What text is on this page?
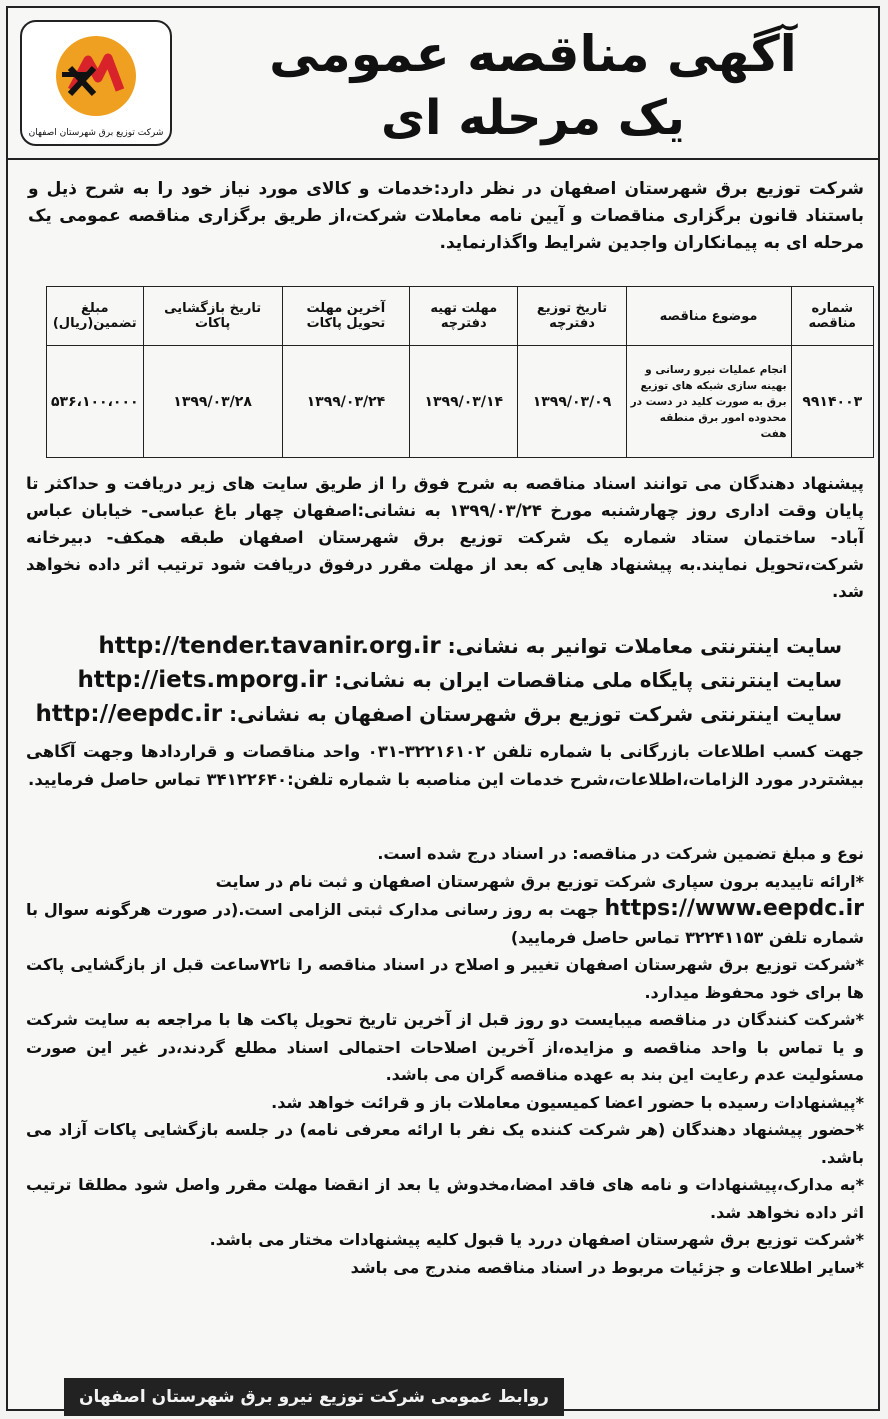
شرکت توزیع برق شهرستان اصفهان
آگهی مناقصه عمومی
یک مرحله ای
شرکت توزیع برق شهرستان اصفهان در نظر دارد:خدمات و کالای مورد نیاز خود را به شرح ذیل و باستناد قانون برگزاری مناقصات و آیین نامه معاملات شرکت،از طریق برگزاری مناقصه عمومی یک مرحله ای به پیمانکاران واجدین شرایط واگذارنماید.
شماره مناقصه	موضوع مناقصه	تاریخ توزیع دفترچه	مهلت تهیه دفترچه	آخرین مهلت تحویل پاکات	تاریخ بازگشایی پاکات	مبلغ تضمین(ریال)
۹۹۱۴۰۰۳	انجام عملیات نیرو رسانی و بهینه سازی شبکه های توزیع برق به صورت کلید در دست در محدوده امور برق منطقه هفت	۱۳۹۹/۰۳/۰۹	۱۳۹۹/۰۳/۱۴	۱۳۹۹/۰۳/۲۴	۱۳۹۹/۰۳/۲۸	۵۳۶،۱۰۰،۰۰۰
پیشنهاد دهندگان می توانند اسناد مناقصه به شرح فوق را از طریق سایت های زیر دریافت و حداکثر تا پایان وقت اداری روز چهارشنبه مورخ ۱۳۹۹/۰۳/۲۴ به نشانی:اصفهان چهار باغ عباسی- خیابان عباس آباد- ساختمان ستاد شماره یک شرکت توزیع برق شهرستان اصفهان طبقه همکف- دبیرخانه شرکت،تحویل نمایند.به پیشنهاد هایی که بعد از مهلت مقرر درفوق دریافت شود ترتیب اثر داده نخواهد شد.
سایت اینترنتی معاملات توانیر به نشانی: http://tender.tavanir.org.ir
سایت اینترنتی پایگاه ملی مناقصات ایران به نشانی: http://iets.mporg.ir
سایت اینترنتی شرکت توزیع برق شهرستان اصفهان به نشانی: http://eepdc.ir
جهت کسب اطلاعات بازرگانی با شماره تلفن ۳۲۲۱۶۱۰۲-۰۳۱ واحد مناقصات و قراردادها وجهت آگاهی بیشتردر مورد الزامات،اطلاعات،شرح خدمات این مناصبه با شماره تلفن:۳۴۱۲۲۶۴۰ تماس حاصل فرمایید.

نوع و مبلغ تضمین شرکت در مناقصه: در اسناد درج شده است.

*ارائه تاییدیه برون سپاری شرکت توزیع برق شهرستان اصفهان و ثبت نام در سایت

https://www.eepdc.ir جهت به روز رسانی مدارک ثبتی الزامی است.(در صورت هرگونه سوال با شماره تلفن ۳۲۲۴۱۱۵۳ تماس حاصل فرمایید)

*شرکت توزیع برق شهرستان اصفهان تغییر و اصلاح در اسناد مناقصه را تا۷۲ساعت قبل از بازگشایی پاکت ها برای خود محفوظ میدارد.

*شرکت کنندگان در مناقصه میبایست دو روز قبل از آخرین تاریخ تحویل پاکت ها با مراجعه به سایت شرکت و یا تماس با واحد مناقصه و مزایده،از آخرین اصلاحات احتمالی اسناد مطلع گردند،در غیر این صورت مسئولیت عدم رعایت این بند به عهده مناقصه گران می باشد.

*پیشنهادات رسیده با حضور اعضا کمیسیون معاملات باز و قرائت خواهد شد.

*حضور پیشنهاد دهندگان (هر شرکت کننده یک نفر با ارائه معرفی نامه) در جلسه بازگشایی پاکات آزاد می باشد.

*به مدارک،پیشنهادات و نامه های فاقد امضا،مخدوش یا بعد از انقضا مهلت مقرر واصل شود مطلقا ترتیب اثر داده نخواهد شد.

*شرکت توزیع برق شهرستان اصفهان دررد یا قبول کلیه پیشنهادات مختار می باشد.

*سایر اطلاعات و جزئیات مربوط در اسناد مناقصه مندرج می باشد

روابط عمومی شرکت توزیع نیرو برق شهرستان اصفهان
